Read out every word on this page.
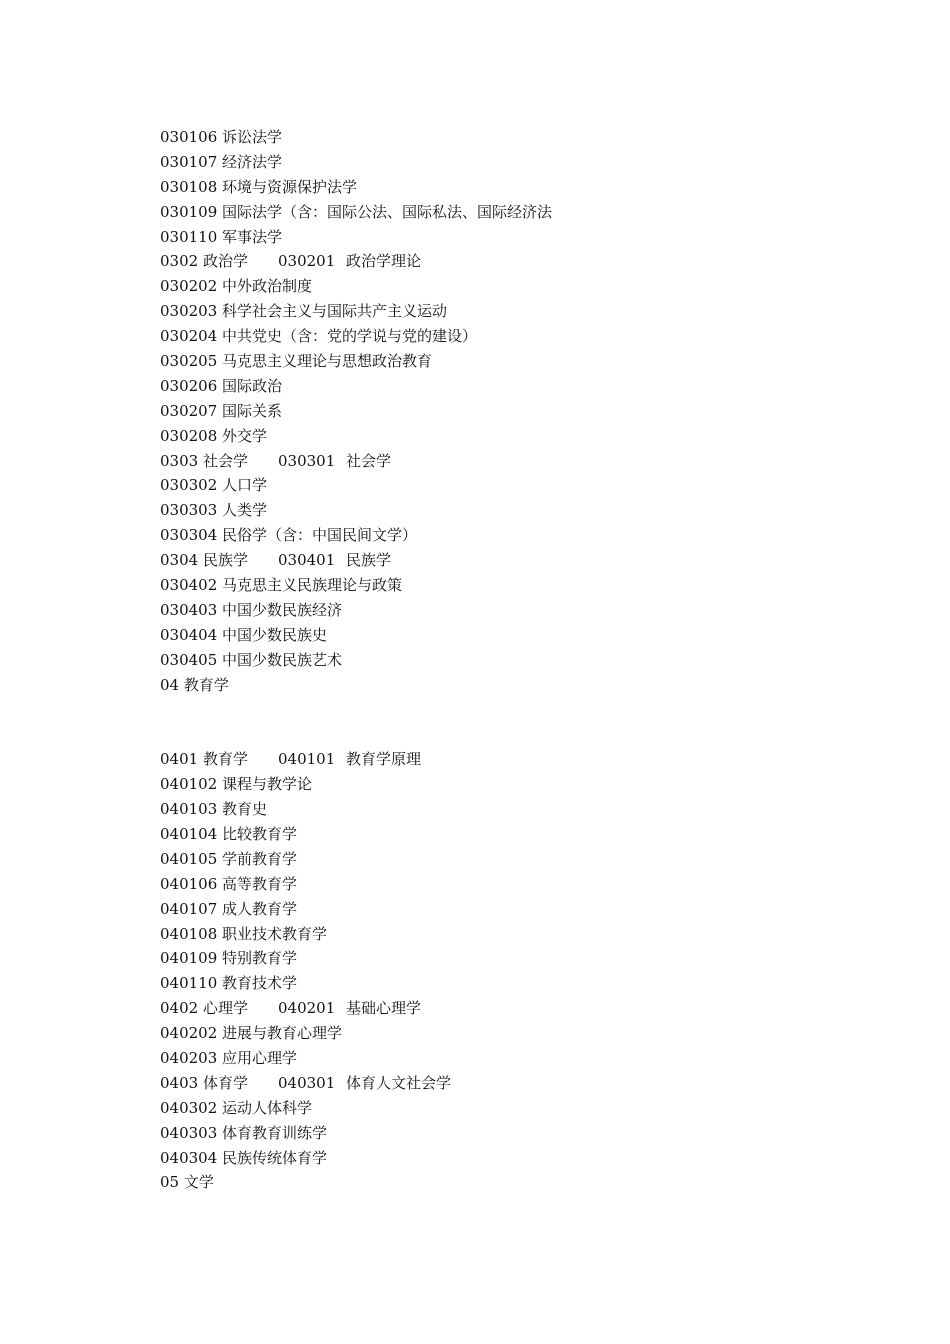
030106 诉讼法学
030107 经济法学
030108 环境与资源保护法学
030109 国际法学（含：国际公法、国际私法、国际经济法
030110 军事法学
0302 政治学 030201 政治学理论
030202 中外政治制度
030203 科学社会主义与国际共产主义运动
030204 中共党史（含：党的学说与党的建设）
030205 马克思主义理论与思想政治教育
030206 国际政治
030207 国际关系
030208 外交学
0303 社会学 030301 社会学
030302 人口学
030303 人类学
030304 民俗学（含：中国民间文学）
0304 民族学 030401 民族学
030402 马克思主义民族理论与政策
030403 中国少数民族经济
030404 中国少数民族史
030405 中国少数民族艺术
04 教育学
0401 教育学 040101 教育学原理
040102 课程与教学论
040103 教育史
040104 比较教育学
040105 学前教育学
040106 高等教育学
040107 成人教育学
040108 职业技术教育学
040109 特别教育学
040110 教育技术学
0402 心理学 040201 基础心理学
040202 进展与教育心理学
040203 应用心理学
0403 体育学 040301 体育人文社会学
040302 运动人体科学
040303 体育教育训练学
040304 民族传统体育学
05 文学
